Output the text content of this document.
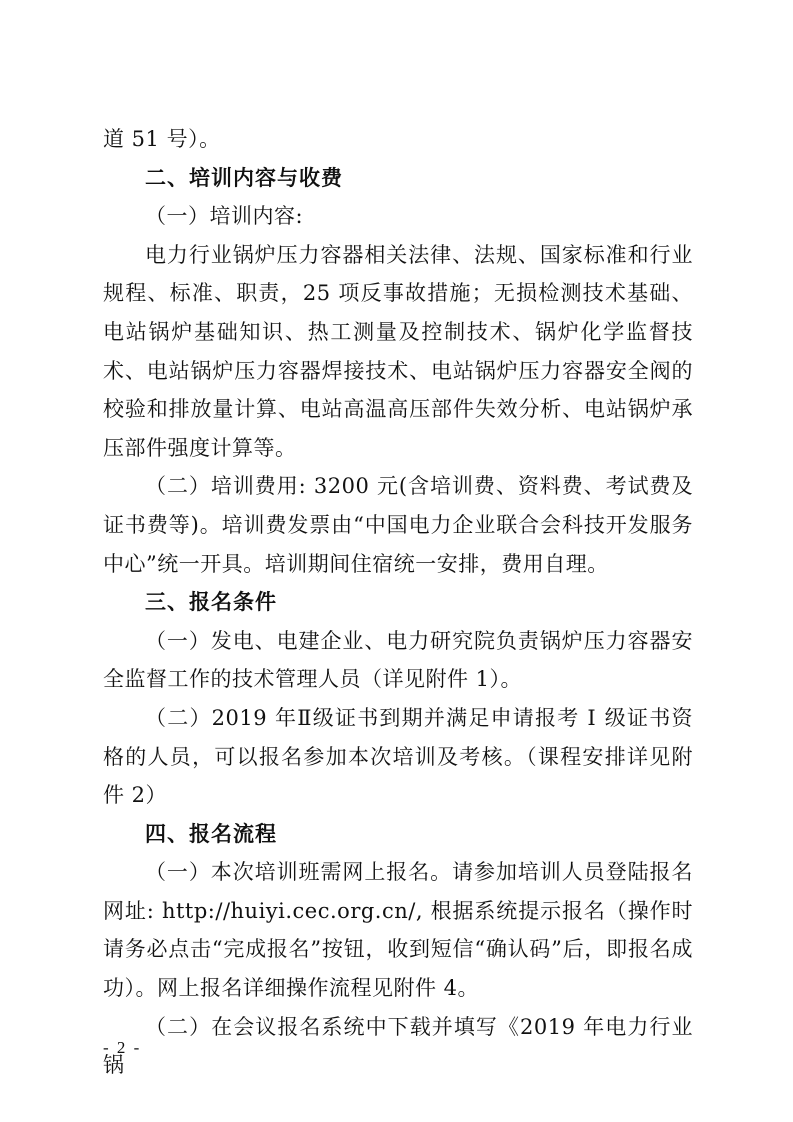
道 51 号）。

二、培训内容与收费

（一）培训内容:

电力行业锅炉压力容器相关法律、法规、国家标准和行业规程、标准、职责，25 项反事故措施；无损检测技术基础、电站锅炉基础知识、热工测量及控制技术、锅炉化学监督技术、电站锅炉压力容器焊接技术、电站锅炉压力容器安全阀的校验和排放量计算、电站高温高压部件失效分析、电站锅炉承压部件强度计算等。

（二）培训费用: 3200 元(含培训费、资料费、考试费及证书费等)。培训费发票由“中国电力企业联合会科技开发服务中心”统一开具。培训期间住宿统一安排，费用自理。

三、报名条件

（一）发电、电建企业、电力研究院负责锅炉压力容器安全监督工作的技术管理人员（详见附件 1）。

（二）2019 年Ⅱ级证书到期并满足申请报考 Ⅰ 级证书资格的人员，可以报名参加本次培训及考核。（课程安排详见附件 2）

四、报名流程

（一）本次培训班需网上报名。请参加培训人员登陆报名网址: http://huiyi.cec.org.cn/, 根据系统提示报名（操作时请务必点击“完成报名”按钮，收到短信“确认码”后，即报名成功）。网上报名详细操作流程见附件 4。

（二）在会议报名系统中下载并填写《2019 年电力行业锅

- 2 -
